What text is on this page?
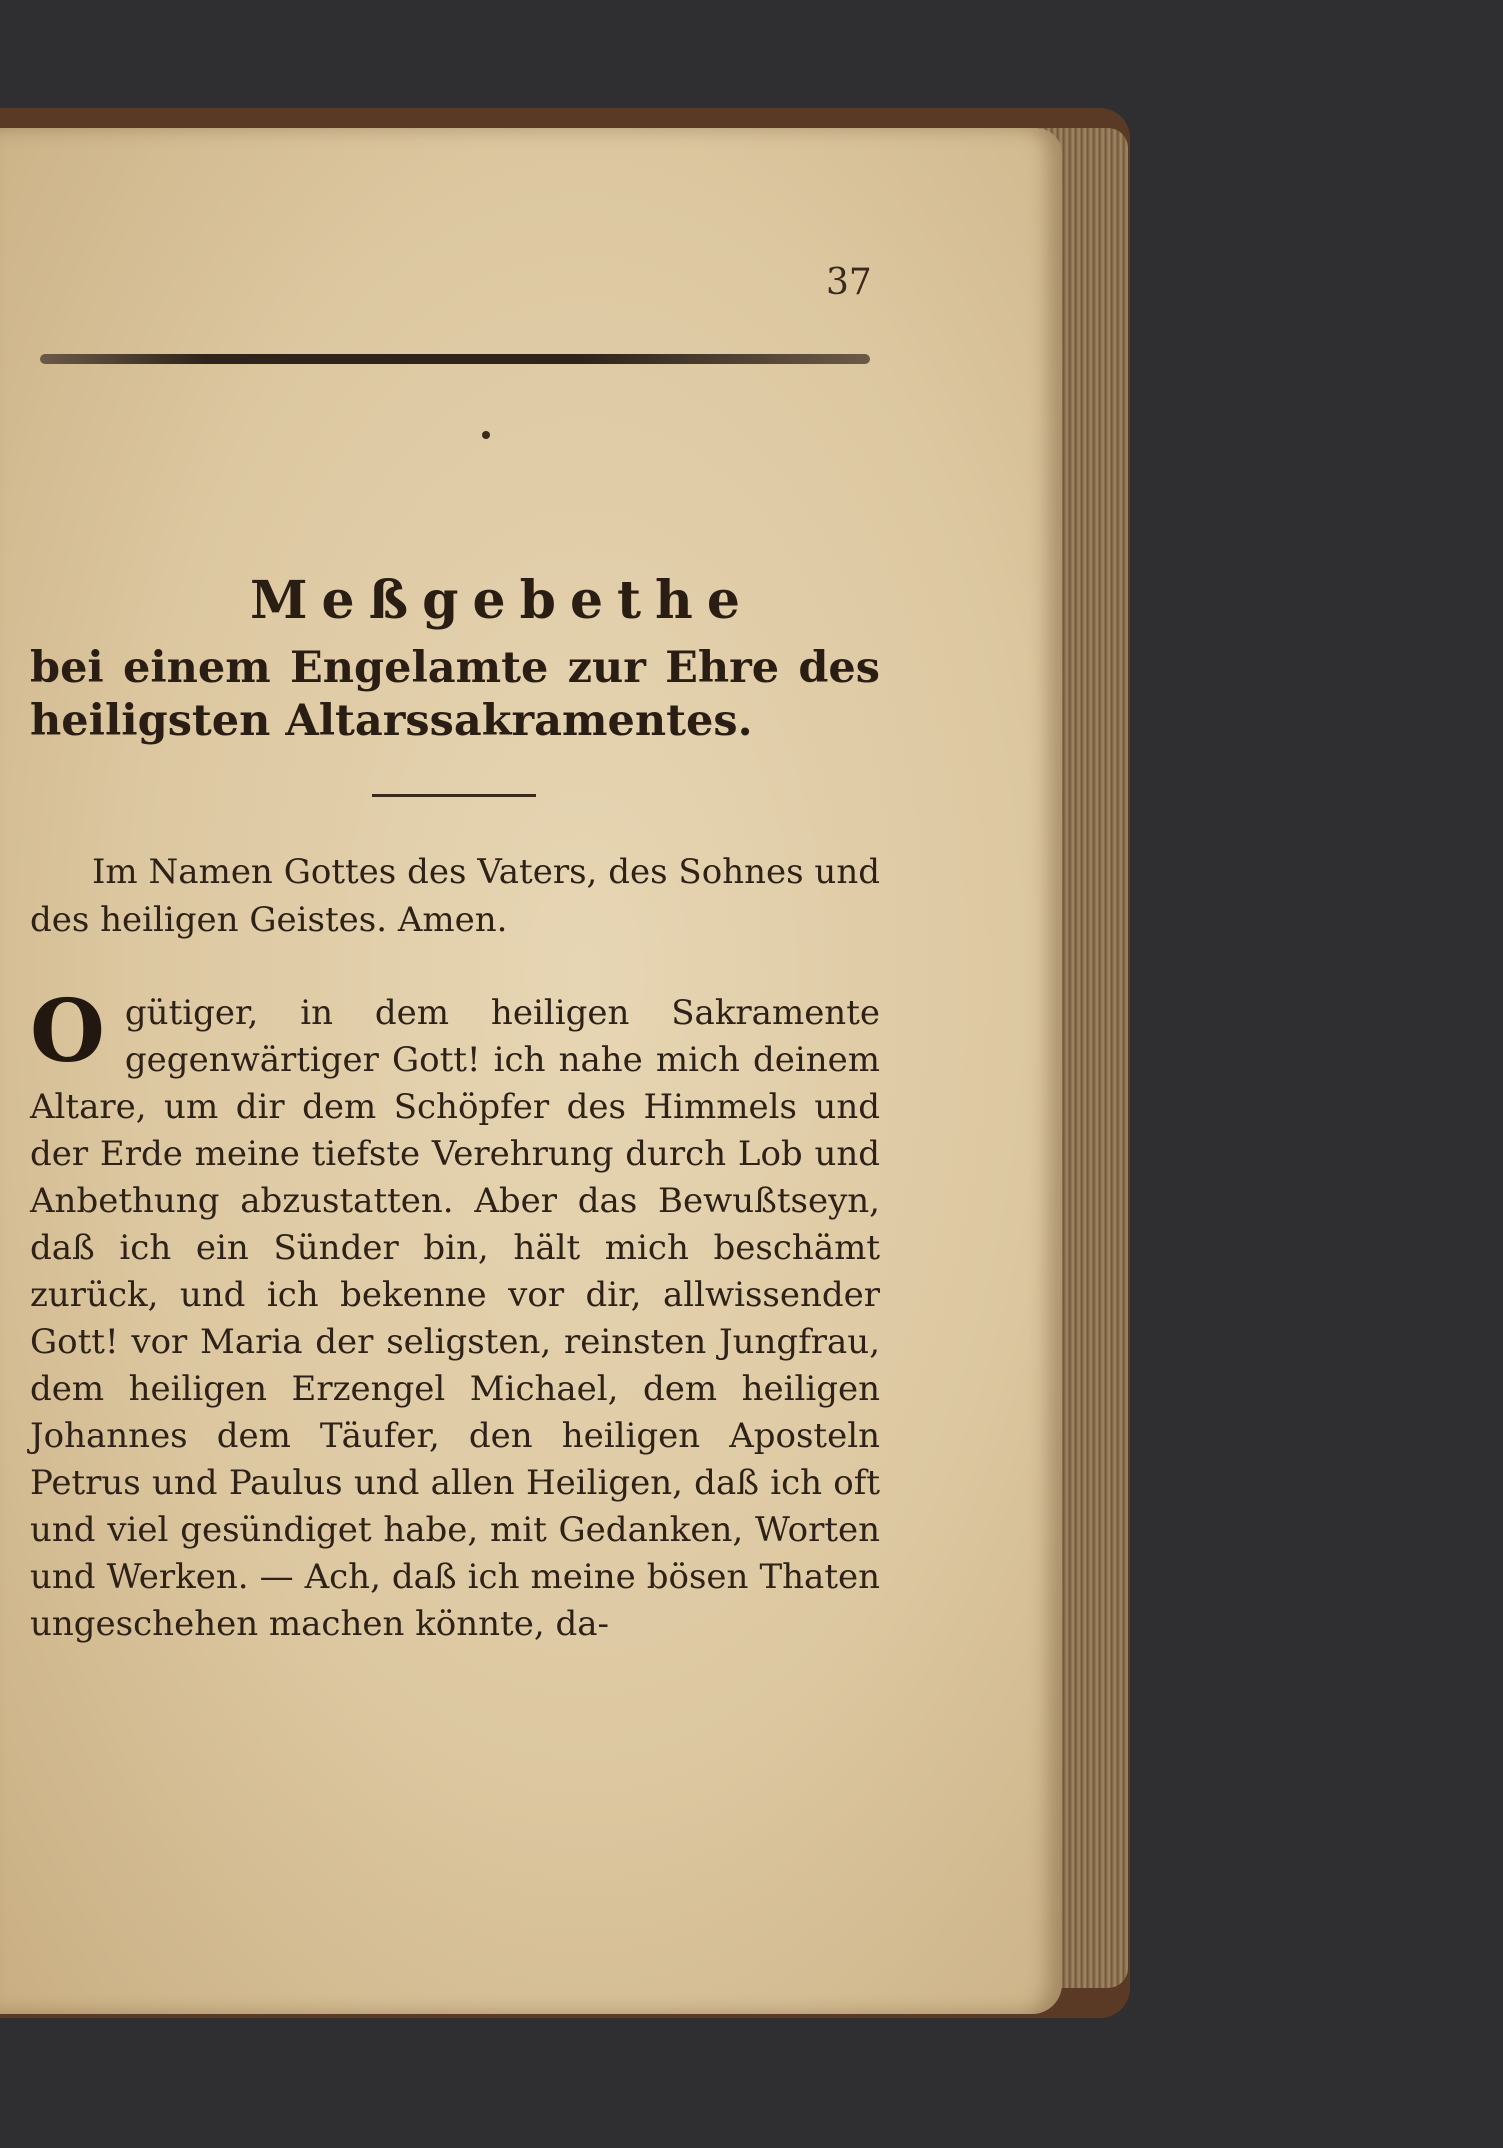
37
Meßgebethe

bei einem Engelamte zur Ehre des

heiligsten Altarssakramentes.

Im Namen Gottes des Vaters, des Sohnes und des heiligen Geistes. Amen.

Ogütiger, in dem heiligen Sakramente gegenwärtiger Gott! ich nahe mich deinem Altare, um dir dem Schöpfer des Himmels und der Erde meine tiefste Verehrung durch Lob und Anbethung abzustatten. Aber das Bewußtseyn, daß ich ein Sünder bin, hält mich beschämt zurück, und ich bekenne vor dir, allwissender Gott! vor Maria der seligsten, reinsten Jungfrau, dem heiligen Erzengel Michael, dem heiligen Johannes dem Täufer, den heiligen Aposteln Petrus und Paulus und allen Heiligen, daß ich oft und viel gesündiget habe, mit Gedanken, Worten und Werken. — Ach, daß ich meine bösen Thaten ungeschehen machen könnte, da-
